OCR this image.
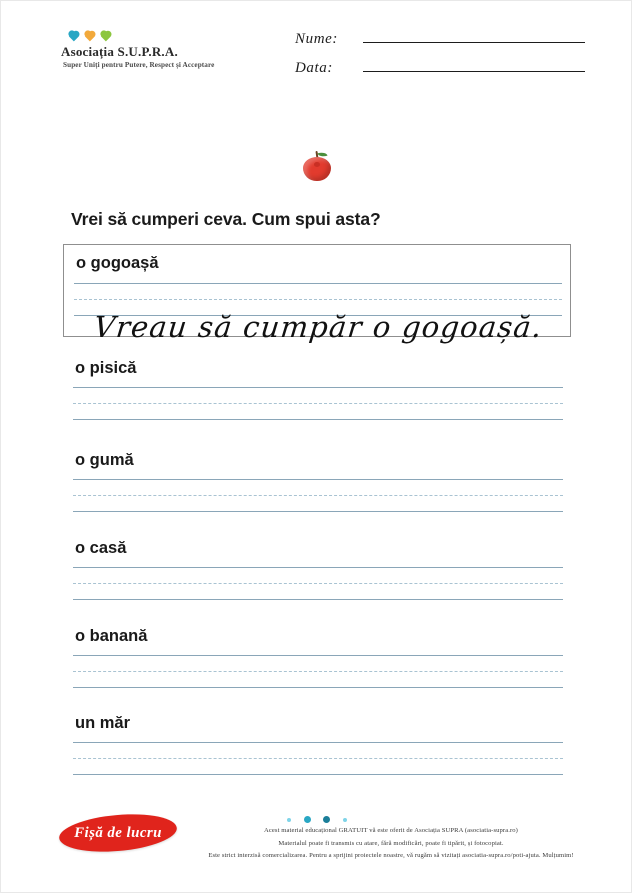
Asociația S.U.P.R.A.
Super Uniți pentru Putere, Respect și Acceptare
Nume:
Data:
Vrei să cumperi ceva. Cum spui asta?
o gogoașă
Vreau să cumpăr o gogoașă.
o pisică
o gumă
o casă
o banană
un măr
Fișă de lucru
	Acest material educațional GRATUIT vă este oferit de Asociația SUPRA (asociatia-supra.ro)
Materialul poate fi transmis cu atare, fără modificări, poate fi tipărit, și fotocopiat.
Este strict interzisă comercializarea. Pentru a sprijini proiectele noastre, vă rugăm să vizitați asociatia-supra.ro/poti-ajuta. Mulțumim!
